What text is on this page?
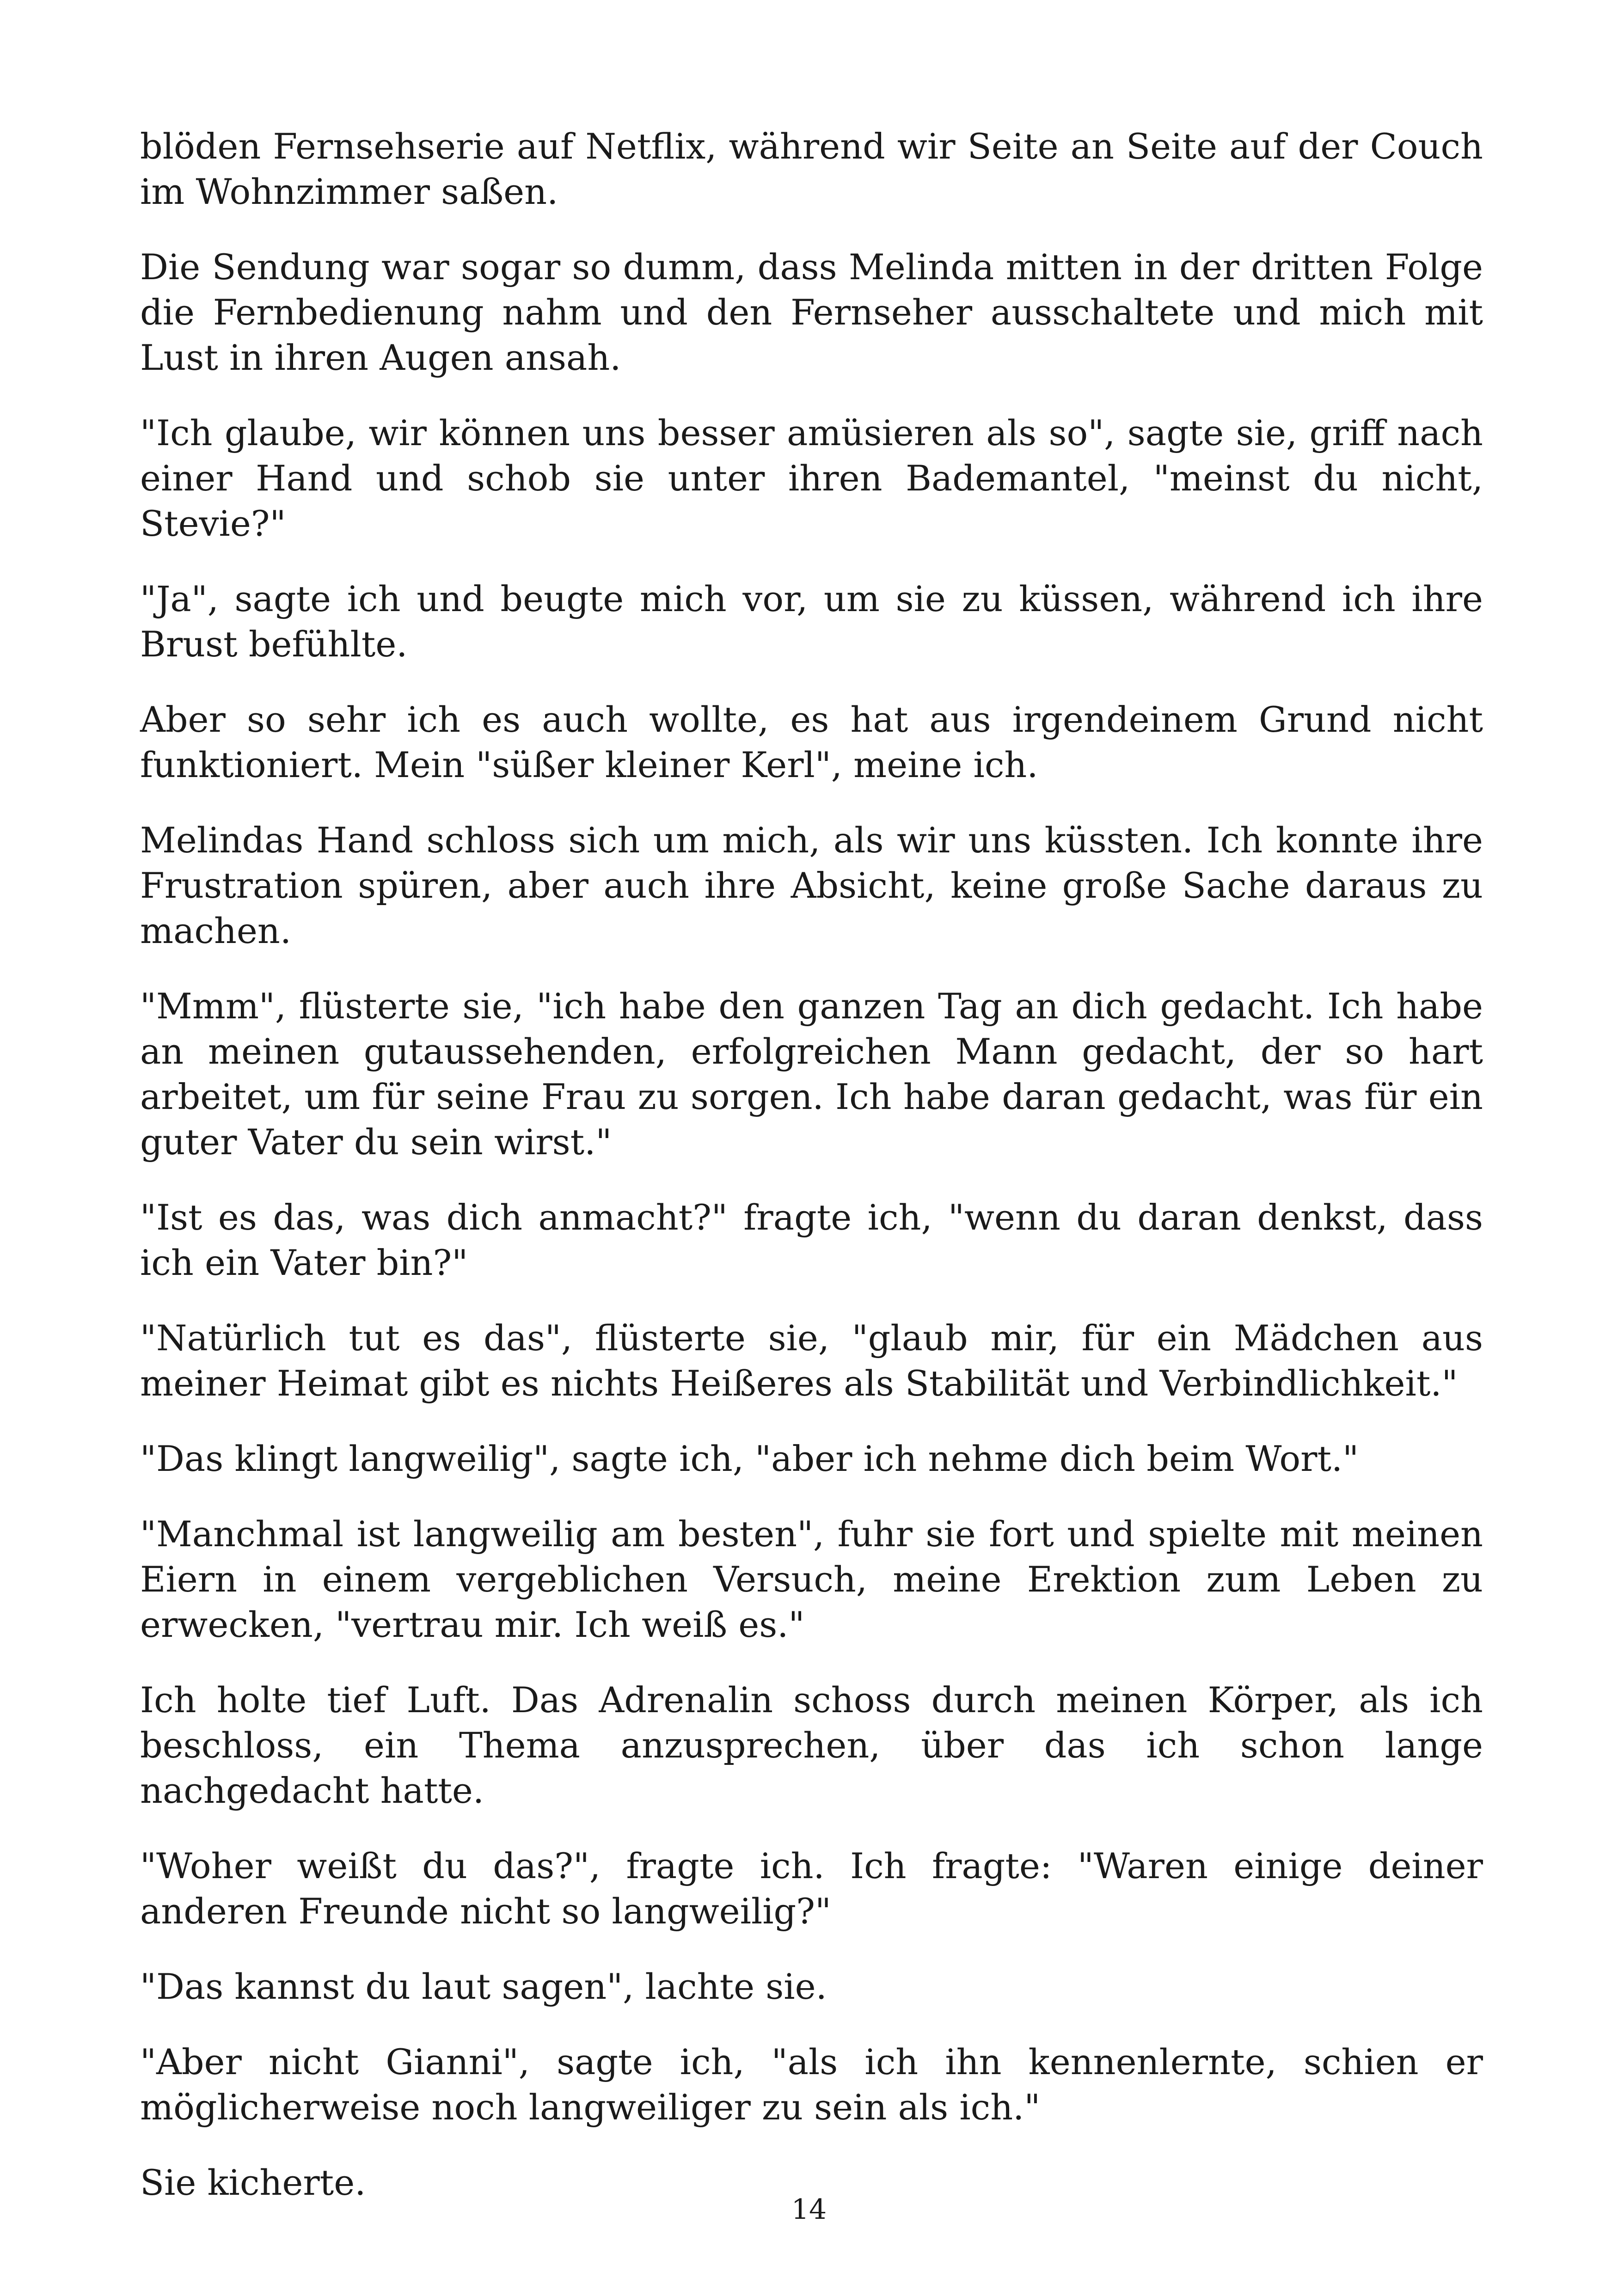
blöden Fernsehserie auf Netflix, während wir Seite an Seite auf der Couch im Wohnzimmer saßen.

Die Sendung war sogar so dumm, dass Melinda mitten in der dritten Folge die Fernbedienung nahm und den Fernseher ausschaltete und mich mit Lust in ihren Augen ansah.

"Ich glaube, wir können uns besser amüsieren als so", sagte sie, griff nach einer Hand und schob sie unter ihren Bademantel, "meinst du nicht, Stevie?"

"Ja", sagte ich und beugte mich vor, um sie zu küssen, während ich ihre Brust befühlte.

Aber so sehr ich es auch wollte, es hat aus irgendeinem Grund nicht funktioniert. Mein "süßer kleiner Kerl", meine ich.

Melindas Hand schloss sich um mich, als wir uns küssten. Ich konnte ihre Frustration spüren, aber auch ihre Absicht, keine große Sache daraus zu machen.

"Mmm", flüsterte sie, "ich habe den ganzen Tag an dich gedacht. Ich habe an meinen gutaussehenden, erfolgreichen Mann gedacht, der so hart arbeitet, um für seine Frau zu sorgen. Ich habe daran gedacht, was für ein guter Vater du sein wirst."

"Ist es das, was dich anmacht?" fragte ich, "wenn du daran denkst, dass ich ein Vater bin?"

"Natürlich tut es das", flüsterte sie, "glaub mir, für ein Mädchen aus meiner Heimat gibt es nichts Heißeres als Stabilität und Verbindlichkeit."

"Das klingt langweilig", sagte ich, "aber ich nehme dich beim Wort."

"Manchmal ist langweilig am besten", fuhr sie fort und spielte mit meinen Eiern in einem vergeblichen Versuch, meine Erektion zum Leben zu erwecken, "vertrau mir. Ich weiß es."

Ich holte tief Luft. Das Adrenalin schoss durch meinen Körper, als ich beschloss, ein Thema anzusprechen, über das ich schon lange nachgedacht hatte.

"Woher weißt du das?", fragte ich. Ich fragte: "Waren einige deiner anderen Freunde nicht so langweilig?"

"Das kannst du laut sagen", lachte sie.

"Aber nicht Gianni", sagte ich, "als ich ihn kennenlernte, schien er möglicherweise noch langweiliger zu sein als ich."

Sie kicherte.

14
